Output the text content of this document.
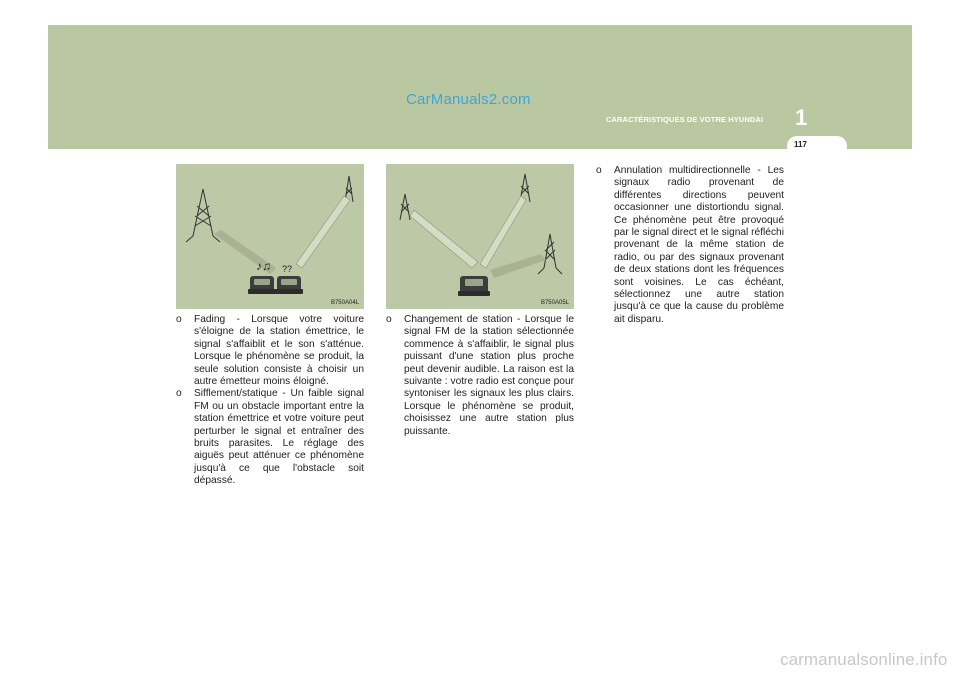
CarManuals2.com
CARACTÉRISTIQUES DE VOTRE HYUNDAI 1
117
♪♫ ??
B750A04L	B750A05L

o Fading - Lorsque votre voiture s'éloigne de la station émettrice, le signal s'affaiblit et le son s'atténue. Lorsque le phénomène se produit, la seule solution consiste à choisir un autre émetteur moins éloigné.

o Sifflement/statique - Un faible signal FM ou un obstacle important entre la station émettrice et votre voiture peut perturber le signal et entraîner des bruits parasites. Le réglage des aiguës peut atténuer ce phénomène jusqu'à ce que l'obstacle soit dépassé.

o Changement de station - Lorsque le signal FM de la station sélectionnée commence à s'affaiblir, le signal plus puissant d'une station plus proche peut devenir audible. La raison est la suivante : votre radio est conçue pour syntoniser les signaux les plus clairs. Lorsque le phénomène se produit, choisissez une autre station plus puissante.

o Annulation multidirectionnelle - Les signaux radio provenant de différentes directions peuvent occasionner une distortiondu signal. Ce phénomène peut être provoqué par le signal direct et le signal réfléchi provenant de la même station de radio, ou par des signaux provenant de deux stations dont les fréquences sont voisines. Le cas échéant, sélectionnez une autre station jusqu'à ce que la cause du problème ait disparu.

carmanualsonline.info
